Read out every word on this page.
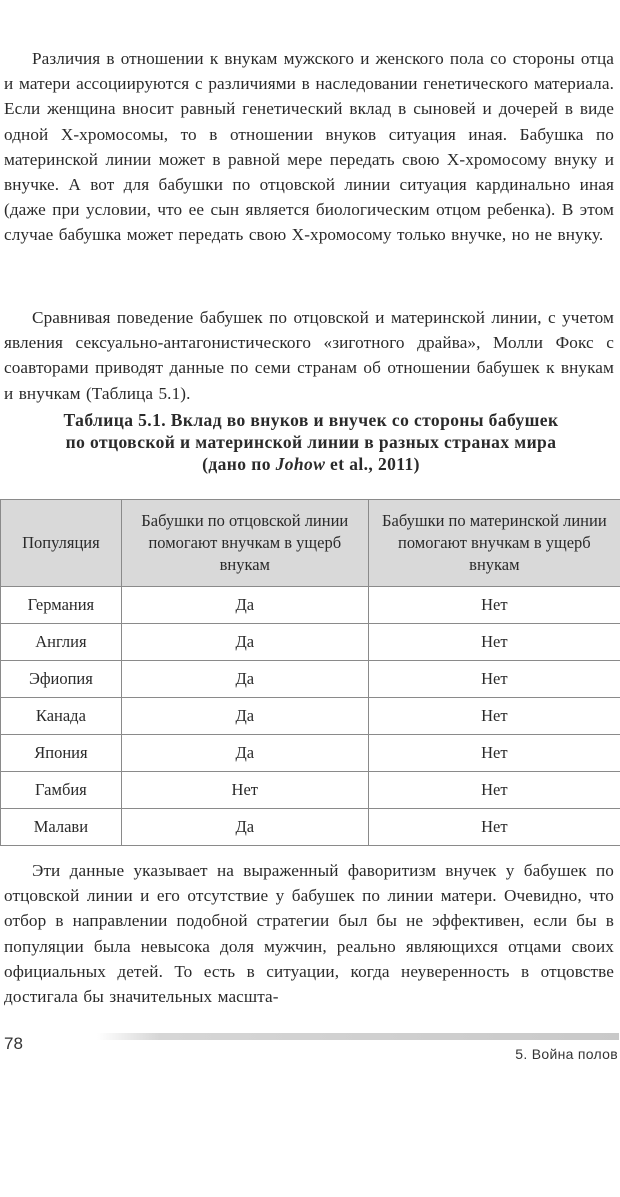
Различия в отношении к внукам мужского и женского пола со стороны отца и матери ассоциируются с различиями в наследовании генетического материала. Если женщина вносит равный генетический вклад в сыновей и дочерей в виде одной X-хромосомы, то в отношении внуков ситуация иная. Бабушка по материнской линии может в равной мере передать свою X-хромосому внуку и внучке. А вот для бабушки по отцовской линии ситуация кардинально иная (даже при условии, что ее сын является биологическим отцом ребенка). В этом случае бабушка может передать свою X-хромосому только внучке, но не внуку.

Сравнивая поведение бабушек по отцовской и материнской линии, с учетом явления сексуально-антагонистического «зиготного драйва», Молли Фокс с соавторами приводят данные по семи странам об отношении бабушек к внукам и внучкам (Таблица 5.1).

Таблица 5.1. Вклад во внуков и внучек со стороны бабушек
по отцовской и материнской линии в разных странах мира
(дано по Johow et al., 2011)
Популяция	Бабушки по отцовской линии помогают внучкам в ущерб внукам	Бабушки по материнской линии помогают внучкам в ущерб внукам
Германия	Да	Нет
Англия	Да	Нет
Эфиопия	Да	Нет
Канада	Да	Нет
Япония	Да	Нет
Гамбия	Нет	Нет
Малави	Да	Нет

Эти данные указывает на выраженный фаворитизм внучек у бабушек по отцовской линии и его отсутствие у бабушек по линии матери. Очевидно, что отбор в направлении подобной стратегии был бы не эффективен, если бы в популяции была невысока доля мужчин, реально являющихся отцами своих официальных детей. То есть в ситуации, когда неуверенность в отцовстве достигала бы значительных масшта-

78
5. Война полов
